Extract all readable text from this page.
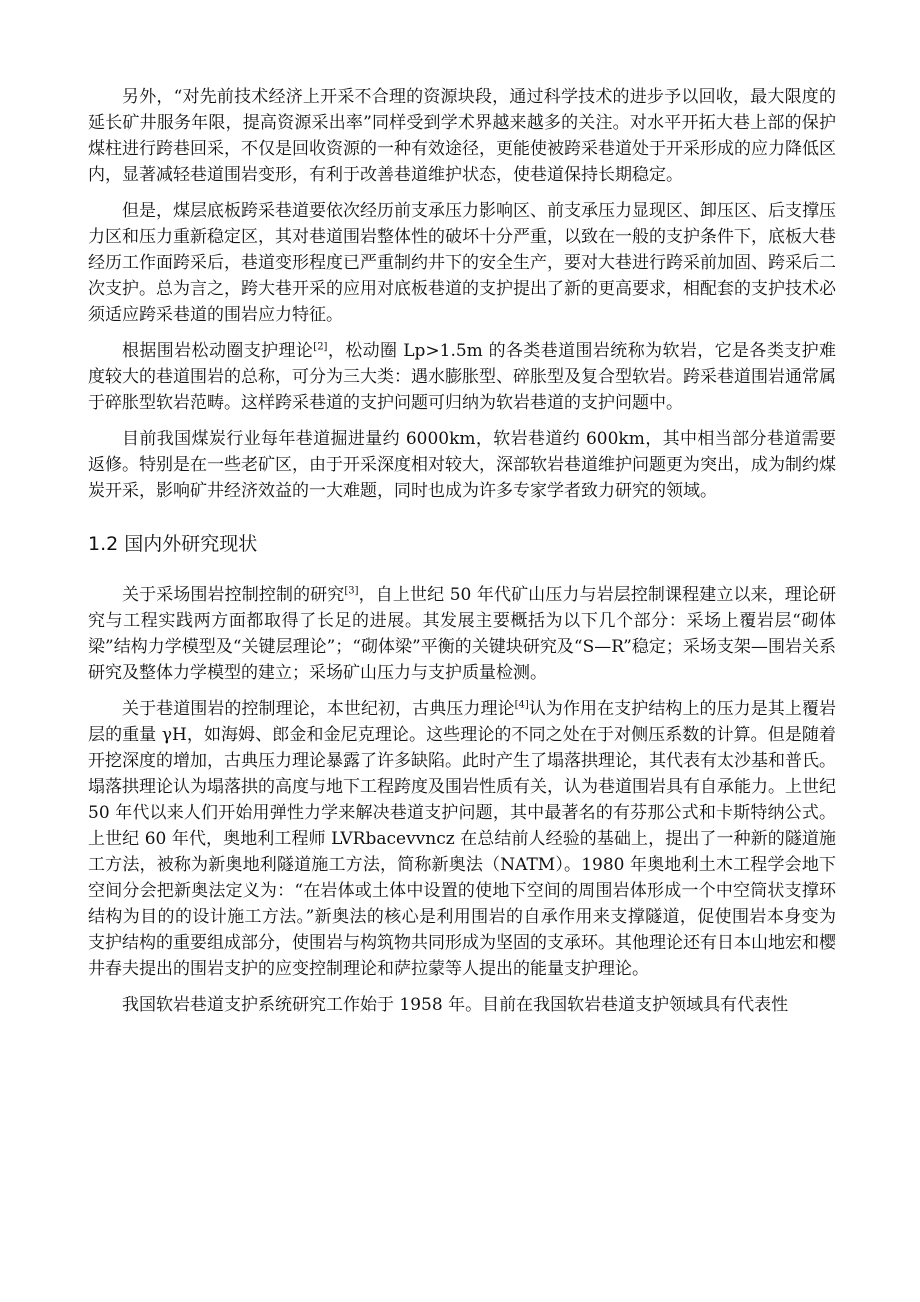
另外，“对先前技术经济上开采不合理的资源块段，通过科学技术的进步予以回收，最大限度的延长矿井服务年限，提高资源采出率”同样受到学术界越来越多的关注。对水平开拓大巷上部的保护煤柱进行跨巷回采，不仅是回收资源的一种有效途径，更能使被跨采巷道处于开采形成的应力降低区内，显著减轻巷道围岩变形，有利于改善巷道维护状态，使巷道保持长期稳定。

但是，煤层底板跨采巷道要依次经历前支承压力影响区、前支承压力显现区、卸压区、后支撑压力区和压力重新稳定区，其对巷道围岩整体性的破坏十分严重，以致在一般的支护条件下，底板大巷经历工作面跨采后，巷道变形程度已严重制约井下的安全生产，要对大巷进行跨采前加固、跨采后二次支护。总为言之，跨大巷开采的应用对底板巷道的支护提出了新的更高要求，相配套的支护技术必须适应跨采巷道的围岩应力特征。

根据围岩松动圈支护理论[2]，松动圈 Lp>1.5m 的各类巷道围岩统称为软岩，它是各类支护难度较大的巷道围岩的总称，可分为三大类：遇水膨胀型、碎胀型及复合型软岩。跨采巷道围岩通常属于碎胀型软岩范畴。这样跨采巷道的支护问题可归纳为软岩巷道的支护问题中。

目前我国煤炭行业每年巷道掘进量约 6000km，软岩巷道约 600km，其中相当部分巷道需要返修。特别是在一些老矿区，由于开采深度相对较大，深部软岩巷道维护问题更为突出，成为制约煤炭开采，影响矿井经济效益的一大难题，同时也成为许多专家学者致力研究的领域。

1.2 国内外研究现状

关于采场围岩控制控制的研究[3]，自上世纪 50 年代矿山压力与岩层控制课程建立以来，理论研究与工程实践两方面都取得了长足的进展。其发展主要概括为以下几个部分：采场上覆岩层“砌体梁”结构力学模型及“关键层理论”；“砌体梁”平衡的关键块研究及“S—R”稳定；采场支架—围岩关系研究及整体力学模型的建立；采场矿山压力与支护质量检测。

关于巷道围岩的控制理论，本世纪初，古典压力理论[4]认为作用在支护结构上的压力是其上覆岩层的重量 γH，如海姆、郎金和金尼克理论。这些理论的不同之处在于对侧压系数的计算。但是随着开挖深度的增加，古典压力理论暴露了许多缺陷。此时产生了塌落拱理论，其代表有太沙基和普氏。塌落拱理论认为塌落拱的高度与地下工程跨度及围岩性质有关，认为巷道围岩具有自承能力。上世纪 50 年代以来人们开始用弹性力学来解决巷道支护问题，其中最著名的有芬那公式和卡斯特纳公式。上世纪 60 年代，奥地利工程师 LVRbacevvncz 在总结前人经验的基础上，提出了一种新的隧道施工方法，被称为新奥地利隧道施工方法，简称新奥法（NATM）。1980 年奥地利土木工程学会地下空间分会把新奥法定义为：“在岩体或土体中设置的使地下空间的周围岩体形成一个中空筒状支撑环结构为目的的设计施工方法。”新奥法的核心是利用围岩的自承作用来支撑隧道，促使围岩本身变为支护结构的重要组成部分，使围岩与构筑物共同形成为坚固的支承环。其他理论还有日本山地宏和樱井春夫提出的围岩支护的应变控制理论和萨拉蒙等人提出的能量支护理论。

我国软岩巷道支护系统研究工作始于 1958 年。目前在我国软岩巷道支护领域具有代表性
